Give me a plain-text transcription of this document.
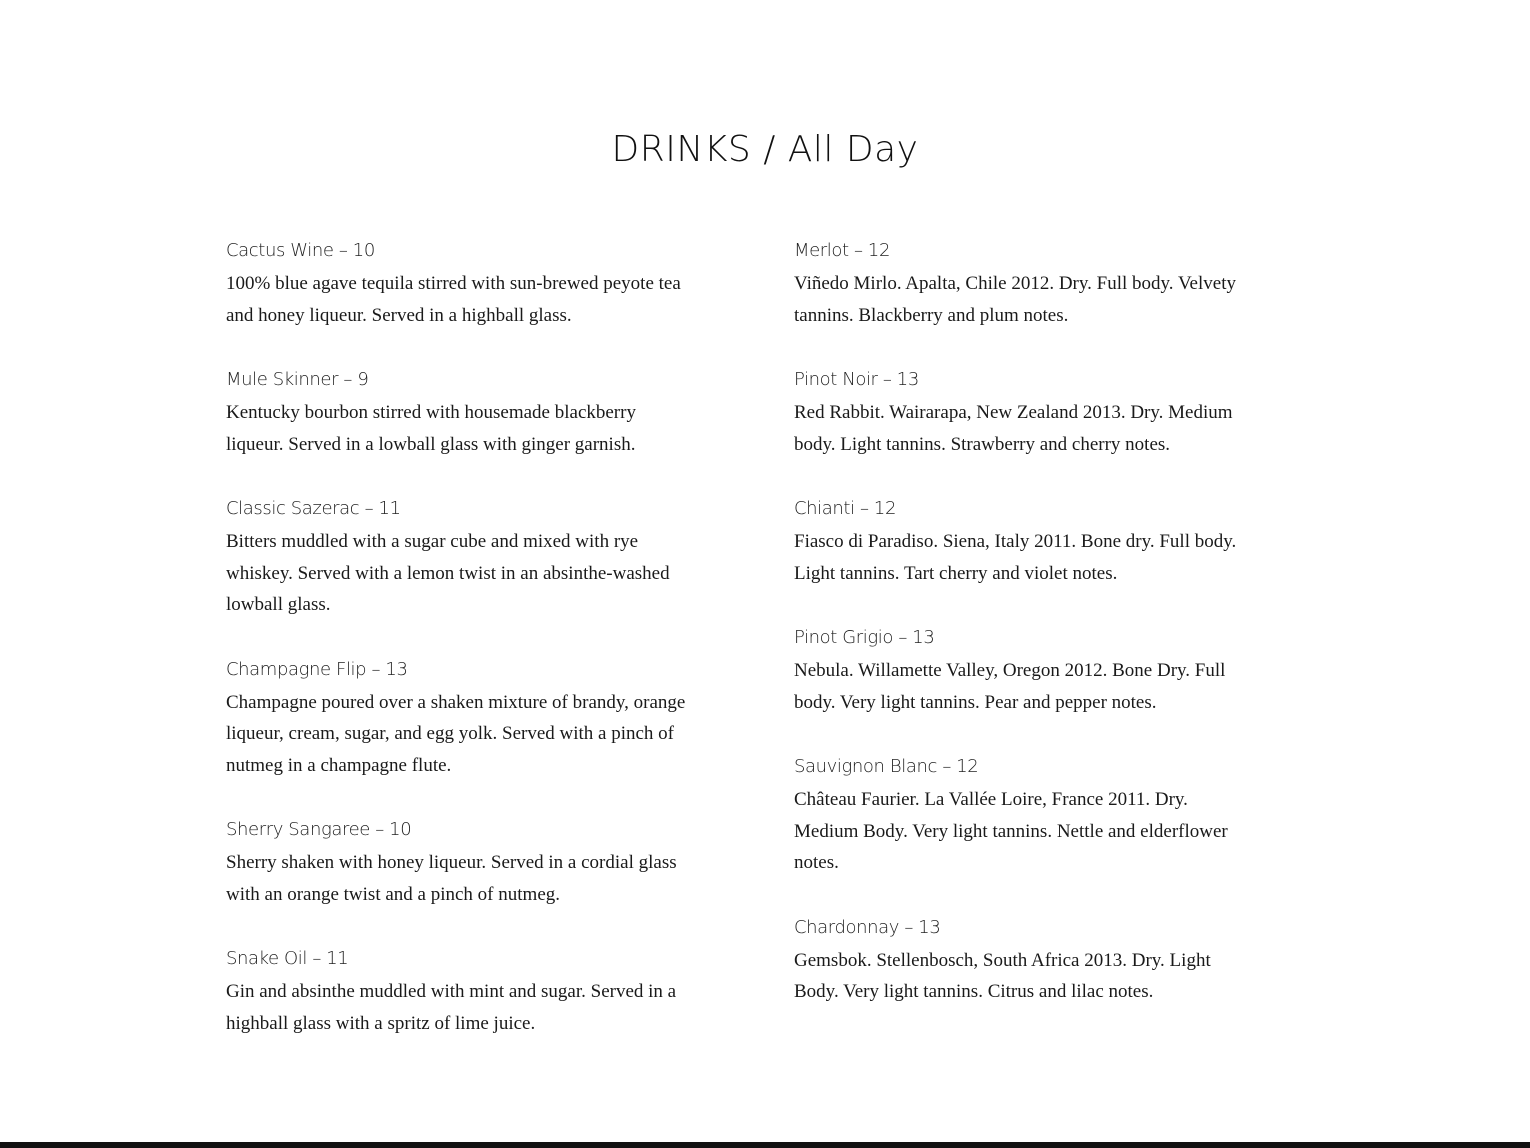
DRINKS / All Day
Cactus Wine – 10
100% blue agave tequila stirred with sun-brewed peyote tea and honey liqueur. Served in a highball glass.
Mule Skinner – 9
Kentucky bourbon stirred with housemade blackberry liqueur. Served in a lowball glass with ginger garnish.
Classic Sazerac – 11
Bitters muddled with a sugar cube and mixed with rye whiskey. Served with a lemon twist in an absinthe-washed lowball glass.
Champagne Flip – 13
Champagne poured over a shaken mixture of brandy, orange liqueur, cream, sugar, and egg yolk. Served with a pinch of nutmeg in a champagne flute.
Sherry Sangaree – 10
Sherry shaken with honey liqueur. Served in a cordial glass with an orange twist and a pinch of nutmeg.
Snake Oil – 11
Gin and absinthe muddled with mint and sugar. Served in a highball glass with a spritz of lime juice.
Merlot – 12
Viñedo Mirlo. Apalta, Chile 2012. Dry. Full body. Velvety tannins. Blackberry and plum notes.
Pinot Noir – 13
Red Rabbit. Wairarapa, New Zealand 2013. Dry. Medium body. Light tannins. Strawberry and cherry notes.
Chianti – 12
Fiasco di Paradiso. Siena, Italy 2011. Bone dry. Full body. Light tannins. Tart cherry and violet notes.
Pinot Grigio – 13
Nebula. Willamette Valley, Oregon 2012. Bone Dry. Full body. Very light tannins. Pear and pepper notes.
Sauvignon Blanc – 12
Château Faurier. La Vallée Loire, France 2011. Dry. Medium Body. Very light tannins. Nettle and elderflower notes.
Chardonnay – 13
Gemsbok. Stellenbosch, South Africa 2013. Dry. Light Body. Very light tannins. Citrus and lilac notes.
